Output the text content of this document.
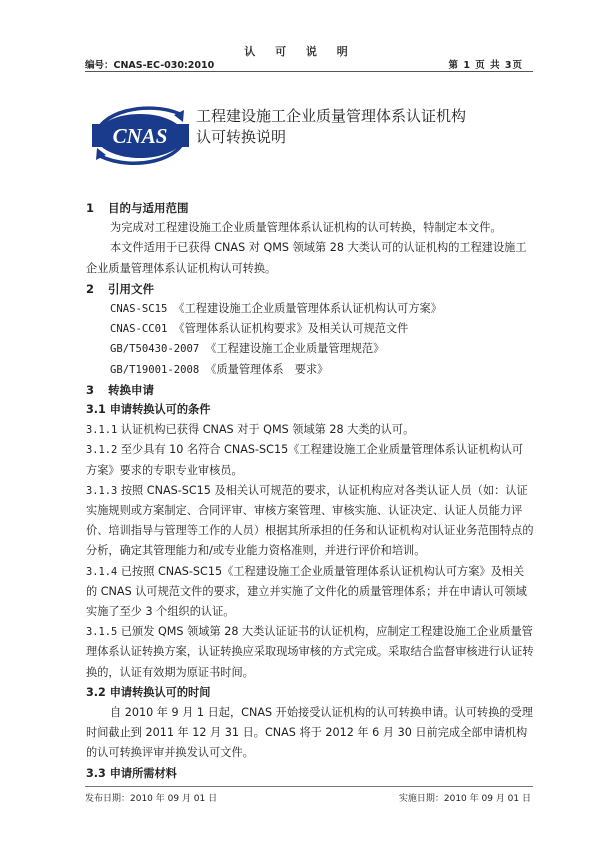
认 可 说 明
编号：CNAS-EC-030:2010	第 1 页 共 3页
CNAS
工程建设施工企业质量管理体系认证机构
认可转换说明

1 目的与适用范围

为完成对工程建设施工企业质量管理体系认证机构的认可转换，特制定本文件。

本文件适用于已获得 CNAS 对 QMS 领域第 28 大类认可的认证机构的工程建设施工企业质量管理体系认证机构认可转换。

2 引用文件

CNAS-SC15 《工程建设施工企业质量管理体系认证机构认可方案》

CNAS-CC01 《管理体系认证机构要求》及相关认可规范文件

GB/T50430-2007 《工程建设施工企业质量管理规范》

GB/T19001-2008 《质量管理体系　要求》

3 转换申请

3.1 申请转换认可的条件

3.1.1 认证机构已获得 CNAS 对于 QMS 领域第 28 大类的认可。

3.1.2 至少具有 10 名符合 CNAS-SC15《工程建设施工企业质量管理体系认证机构认可方案》要求的专职专业审核员。

3.1.3 按照 CNAS-SC15 及相关认可规范的要求，认证机构应对各类认证人员（如：认证实施规则或方案制定、合同评审、审核方案管理、审核实施、认证决定、认证人员能力评价、培训指导与管理等工作的人员）根据其所承担的任务和认证机构对认证业务范围特点的分析，确定其管理能力和/或专业能力资格准则，并进行评价和培训。

3.1.4 已按照 CNAS-SC15《工程建设施工企业质量管理体系认证机构认可方案》及相关的 CNAS 认可规范文件的要求，建立并实施了文件化的质量管理体系；并在申请认可领域实施了至少 3 个组织的认证。

3.1.5 已颁发 QMS 领域第 28 大类认证证书的认证机构，应制定工程建设施工企业质量管理体系认证转换方案，认证转换应采取现场审核的方式完成。采取结合监督审核进行认证转换的，认证有效期为原证书时间。

3.2 申请转换认可的时间

自 2010 年 9 月 1 日起，CNAS 开始接受认证机构的认可转换申请。认可转换的受理时间截止到 2011 年 12 月 31 日。CNAS 将于 2012 年 6 月 30 日前完成全部申请机构的认可转换评审并换发认可文件。

3.3 申请所需材料

发布日期：2010 年 09 月 01 日	实施日期：2010 年 09 月 01 日
